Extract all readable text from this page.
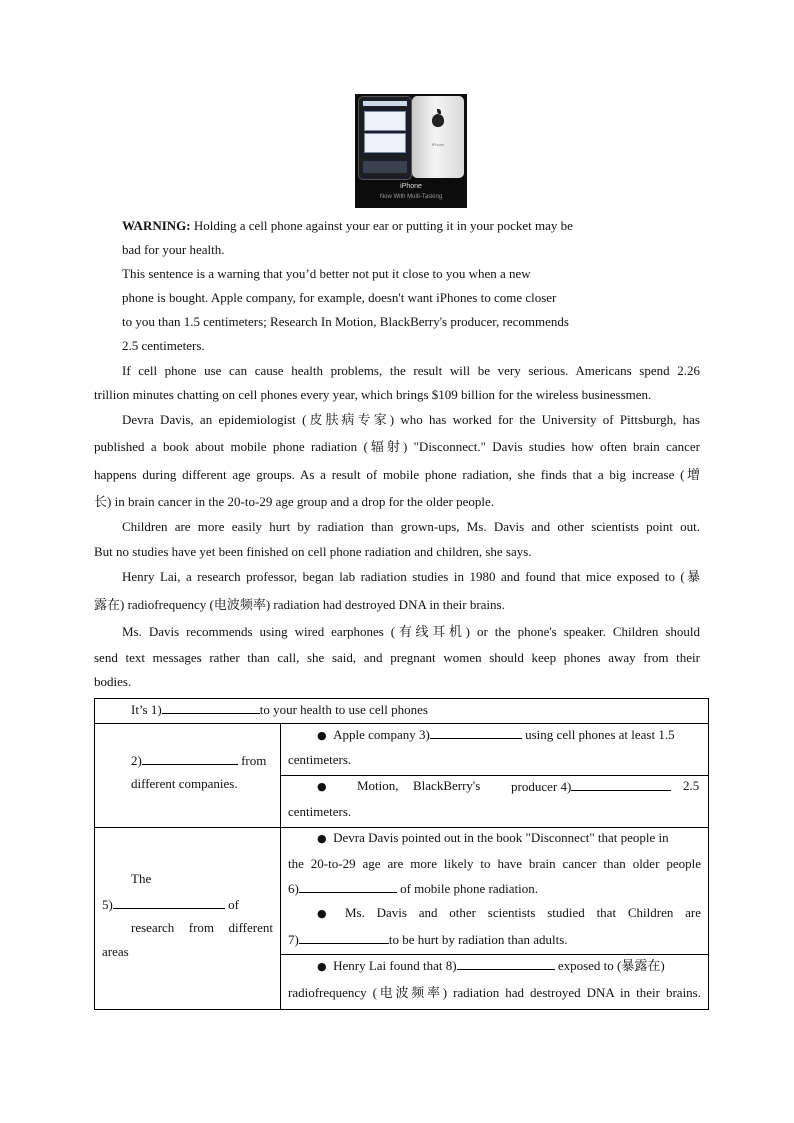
iPhone
iPhone
Now With Multi-Tasking
WARNING: Holding a cell phone against your ear or putting it in your pocket may be
bad for your health.
This sentence is a warning that you’d better not put it close to you when a new
phone is bought. Apple company, for example, doesn't want iPhones to come closer
to you than 1.5 centimeters; Research In Motion, BlackBerry's producer, recommends
2.5 centimeters.
If cell phone use can cause health problems, the result will be very serious. Americans spend 2.26
trillion minutes chatting on cell phones every year, which brings $109 billion for the wireless businessmen.
Devra Davis, an epidemiologist (皮肤病专家) who has worked for the University of Pittsburgh, has
published a book about mobile phone radiation (辐射) "Disconnect." Davis studies how often brain cancer
happens during different age groups. As a result of mobile phone radiation, she finds that a big increase (增
长) in brain cancer in the 20-to-29 age group and a drop for the older people.
Children are more easily hurt by radiation than grown-ups, Ms. Davis and other scientists point out.
But no studies have yet been finished on cell phone radiation and children, she says.
Henry Lai, a research professor, began lab radiation studies in 1980 and found that mice exposed to (暴
露在) radiofrequency (电波频率) radiation had destroyed DNA in their brains.
Ms. Davis recommends using wired earphones (有线耳机) or the phone's speaker. Children should
send text messages rather than call, she said, and pregnant women should keep phones away from their
bodies.
It’s 1)	to your health to use cell phones
2)	from
different companies.
● Apple company 3)	using cell phones at least 1.5
centimeters.
● Motion, BlackBerry's producer 4)	2.5
centimeters.
The
5)	of
research from different
areas
● Devra Davis pointed out in the book "Disconnect" that people in
the 20-to-29 age are more likely to have brain cancer than older people
6)	of mobile phone radiation.
● Ms. Davis and other scientists studied that Children are
7)	to be hurt by radiation than adults.
● Henry Lai found that 8)	exposed to (暴露在)
radiofrequency (电波频率) radiation had destroyed DNA in their brains.
